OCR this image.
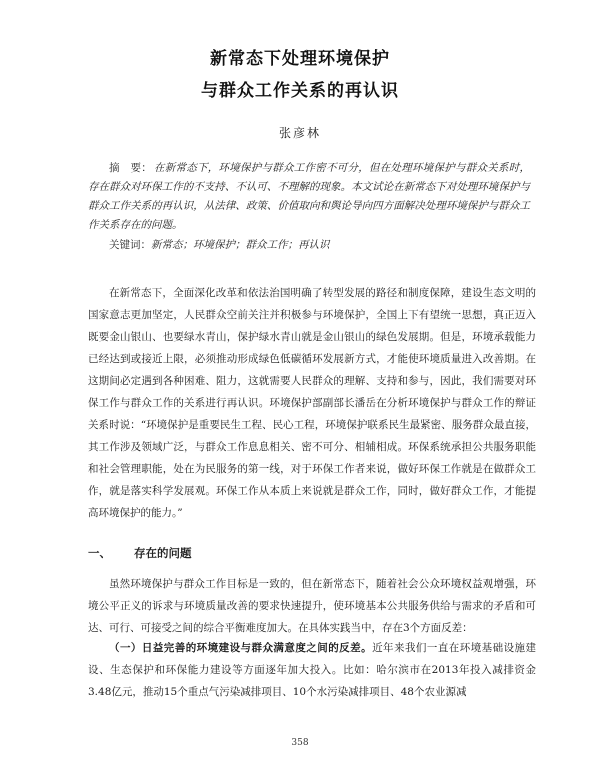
新常态下处理环境保护
与群众工作关系的再认识
张彦林
摘　要： 在新常态下，环境保护与群众工作密不可分，但在处理环境保护与群众关系时，存在群众对环保工作的不支持、不认可、不理解的现象。本文试论在新常态下对处理环境保护与群众工作关系的再认识，从法律、政策、价值取向和舆论导向四方面解决处理环境保护与群众工作关系存在的问题。
关键词：新常态；环境保护；群众工作；再认识
在新常态下，全面深化改革和依法治国明确了转型发展的路径和制度保障，建设生态文明的国家意志更加坚定，人民群众空前关注并积极参与环境保护，全国上下有望统一思想，真正迈入既要金山银山、也要绿水青山，保护绿水青山就是金山银山的绿色发展期。但是，环境承载能力已经达到或接近上限，必须推动形成绿色低碳循环发展新方式，才能使环境质量进入改善期。在这期间必定遇到各种困难、阻力，这就需要人民群众的理解、支持和参与，因此，我们需要对环保工作与群众工作的关系进行再认识。环境保护部副部长潘岳在分析环境保护与群众工作的辩证关系时说：“环境保护是重要民生工程、民心工程，环境保护联系民生最紧密、服务群众最直接，其工作涉及领域广泛，与群众工作息息相关、密不可分、相辅相成。环保系统承担公共服务职能和社会管理职能，处在为民服务的第一线，对于环保工作者来说，做好环保工作就是在做群众工作，就是落实科学发展观。环保工作从本质上来说就是群众工作，同时，做好群众工作，才能提高环境保护的能力。”
一、 存在的问题
虽然环境保护与群众工作目标是一致的，但在新常态下，随着社会公众环境权益观增强，环境公平正义的诉求与环境质量改善的要求快速提升，使环境基本公共服务供给与需求的矛盾和可达、可行、可接受之间的综合平衡难度加大。在具体实践当中，存在3个方面反差：
（一）日益完善的环境建设与群众满意度之间的反差。近年来我们一直在环境基础设施建设、生态保护和环保能力建设等方面逐年加大投入。比如：哈尔滨市在2013年投入减排资金3.48亿元，推动15个重点气污染减排项目、10个水污染减排项目、48个农业源减
358
